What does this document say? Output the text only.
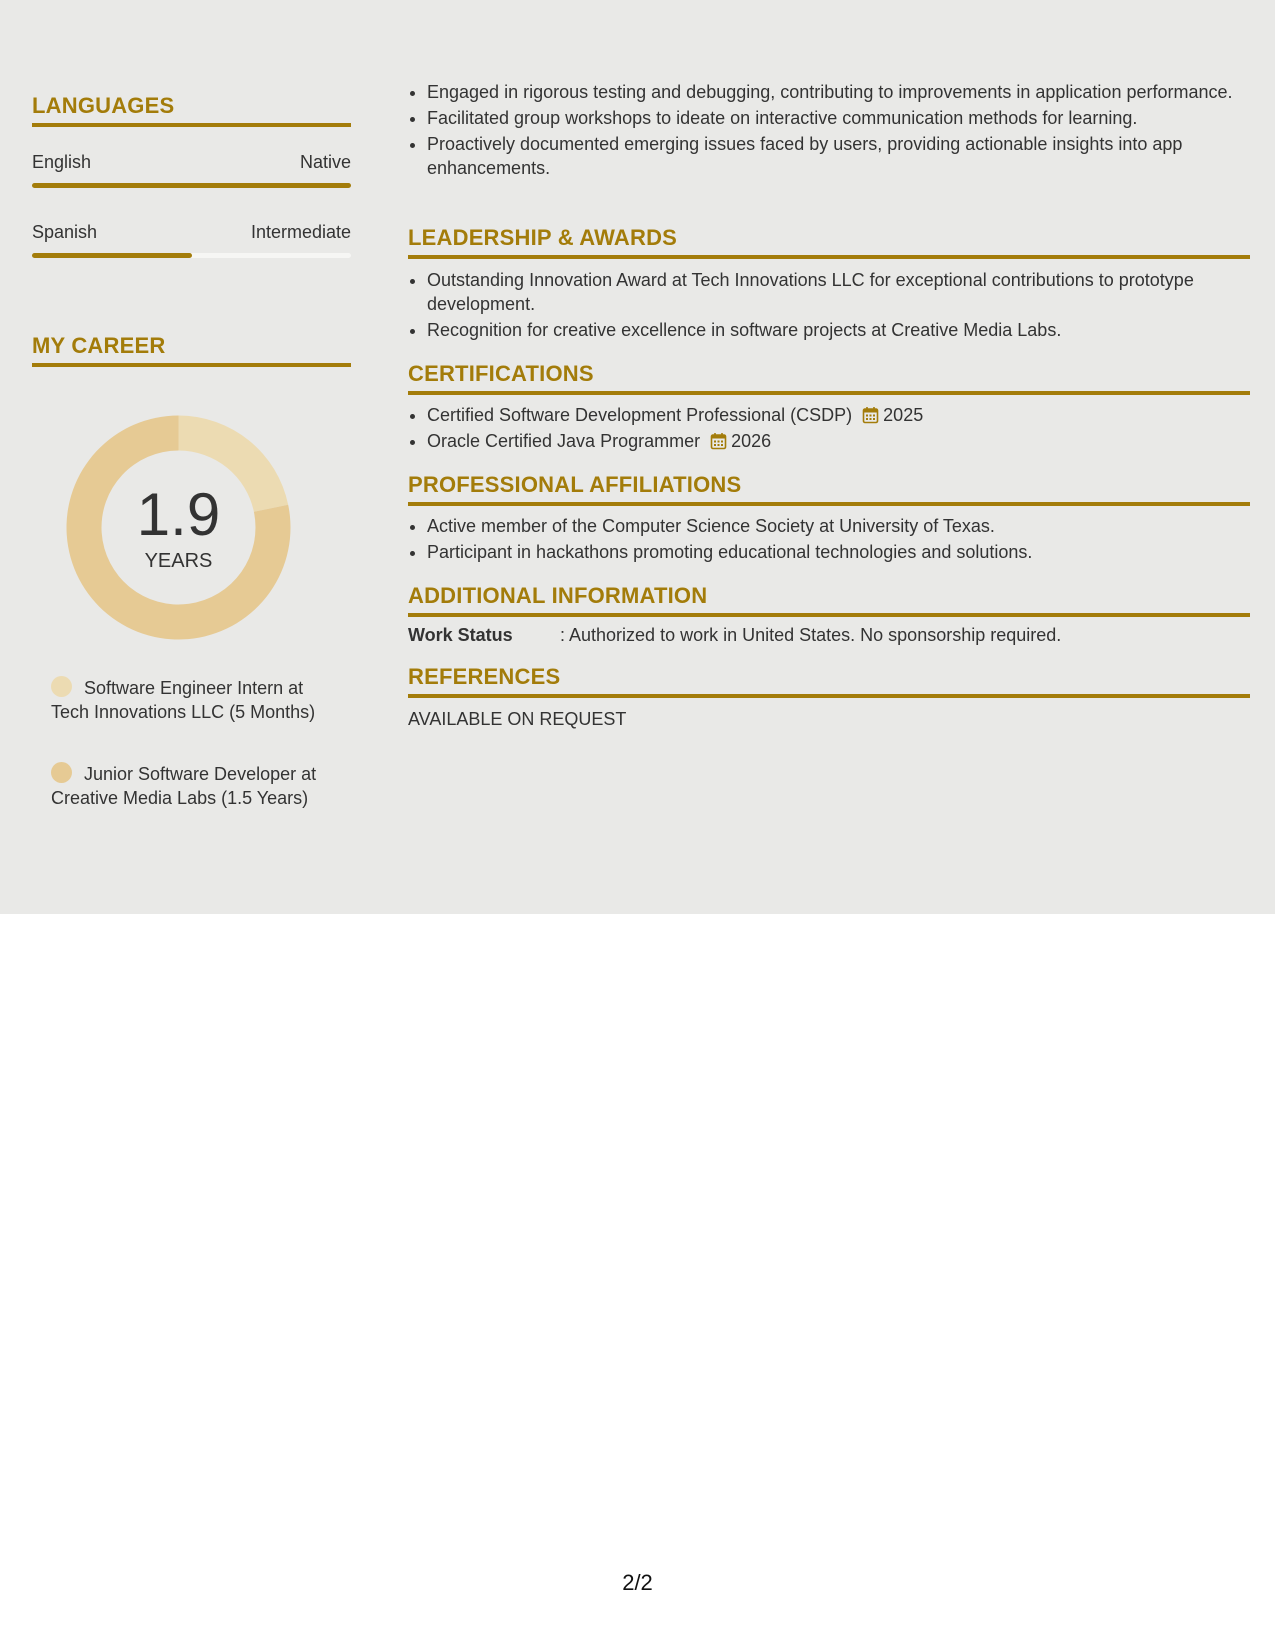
LANGUAGES
English	Native
Spanish	Intermediate
MY CAREER
1.9
YEARS
Software Engineer Intern at Tech Innovations LLC (5 Months)
Junior Software Developer at Creative Media Labs (1.5 Years)
• Engaged in rigorous testing and debugging, contributing to improvements in application performance.
• Facilitated group workshops to ideate on interactive communication methods for learning.
• Proactively documented emerging issues faced by users, providing actionable insights into app enhancements.
LEADERSHIP & AWARDS
• Outstanding Innovation Award at Tech Innovations LLC for exceptional contributions to prototype development.
• Recognition for creative excellence in software projects at Creative Media Labs.
CERTIFICATIONS
• Certified Software Development Professional (CSDP) 2025
• Oracle Certified Java Programmer 2026
PROFESSIONAL AFFILIATIONS
• Active member of the Computer Science Society at University of Texas.
• Participant in hackathons promoting educational technologies and solutions.
ADDITIONAL INFORMATION
Work Status	: Authorized to work in United States. No sponsorship required.
REFERENCES
AVAILABLE ON REQUEST
2/2
